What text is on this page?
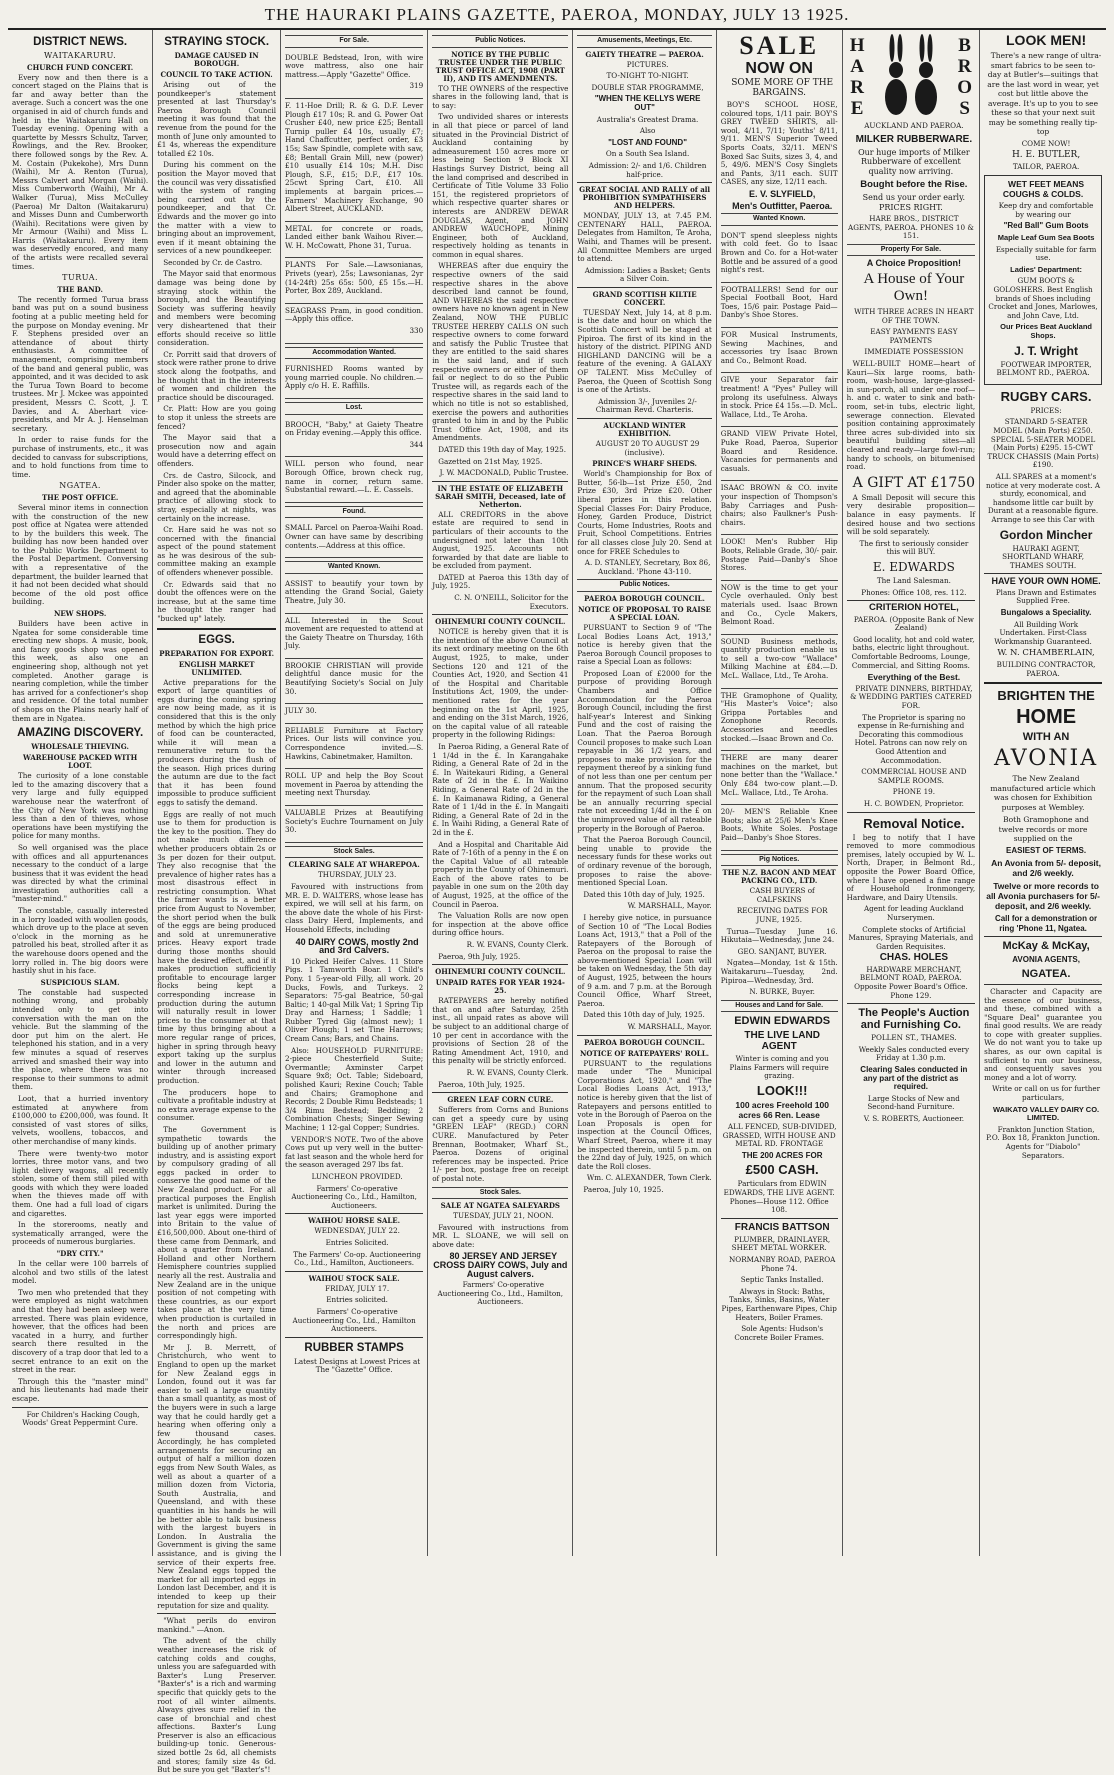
THE HAURAKI PLAINS GAZETTE, PAEROA, MONDAY, JULY 13 1925.
DISTRICT NEWS.
WAITAKARURU.
CHURCH FUND CONCERT.

Every now and then there is a concert staged on the Plains that is far and away better than the average. Such a concert was the one organised in aid of church funds and held in the Waitakaruru Hall on Tuesday evening. Opening with a quartette by Messrs Schultz, Tarver, Rowlings, and the Rev. Brooker, there followed songs by the Rev. A. M. Costain (Pukekohe), Mrs Dunn (Waihi), Mr A. Renton (Turua), Messrs Calvert and Morgan (Waihi). Miss Cumberworth (Waihi), Mr A. Walker (Turua), Miss McCulley (Paeroa) Mr Dalton (Waitakaruru) and Misses Dunn and Cumberworth (Waihi). Recitations were given by Mr Armour (Waihi) and Miss L. Harris (Waitakaruru). Every item was deservedly encored, and many of the artists were recalled several times.

TURUA.
THE BAND.

The recently formed Turua brass band was put on a sound business footing at a public meeting held for the purpose on Monday evening. Mr F. Stephens presided over an attendance of about thirty enthusiasts. A committee of management, comprising members of the band and general public, was appointed, and it was decided to ask the Turua Town Board to become trustees. Mr J. Mckee was appointed president, Messrs C. Scott, J. T. Davies, and A. Aberhart vice-presidents, and Mr A. J. Henselman secretary.

In order to raise funds for the purchase of instruments, etc., it was decided to canvass for subscriptions, and to hold functions from time to time.

NGATEA.
THE POST OFFICE.

Several minor items in connection with the construction of the new post office at Ngatea were attended to by the builders this week. The building has now been handed over to the Public Works Department to the Postal Department. Conversing with a representative of the department, the builder learned that it had not been decided what should become of the old post office building.

NEW SHOPS.

Builders have been active in Ngatea for some considerable time erecting new shops. A music, book, and fancy goods shop was opened this week, as also one an engineering shop, although not yet completed. Another garage is nearing completion, while the timber has arrived for a confectioner's shop and residence. Of the total number of shops on the Plains nearly half of them are in Ngatea.

AMAZING DISCOVERY.
WHOLESALE THIEVING.
WAREHOUSE PACKED WITH LOOT.

The curiosity of a lone constable led to the amazing discovery that a very large and fully equipped warehouse near the waterfront of the City of New York was nothing less than a den of thieves, whose operations have been mystifying the police for many months.

So well organised was the place with offices and all appurtenances necessary to the conduct of a large business that it was evident the head was directed by what the criminal investigation authorities call a "master-mind."

The constable, casually interested in a lorry loaded with woollen goods, which drove up to the place at seven o'clock in the morning as he patrolled his beat, strolled after it as the warehouse doors opened and the lorry rolled in. The big doors were hastily shut in his face.

SUSPICIOUS SLAM.

The constable had suspected nothing wrong, and probably intended only to get into conversation with the man on the vehicle. But the slamming of the door put him on the alert. He telephoned his station, and in a very few minutes a squad of reserves arrived and smashed their way into the place, where there was no response to their summons to admit them.

Loot, that a hurried inventory estimated at anywhere from £100,000 to £200,000, was found. It consisted of vast stores of silks, velvets, woollens, tobaccos, and other merchandise of many kinds.

There were twenty-two motor lorries, three motor vans, and two light delivery wagons, all recently stolen, some of them still piled with goods with which they were loaded when the thieves made off with them. One had a full load of cigars and cigarettes.

In the storerooms, neatly and systematically arranged, were the proceeds of numerous burglaries.

"DRY CITY."

In the cellar were 100 barrels of alcohol and two stills of the latest model.

Two men who pretended that they were employed as night watchmen and that they had been asleep were arrested. There was plain evidence, however, that the offices had been vacated in a hurry, and further search there resulted in the discovery of a trap door that led to a secret entrance to an exit on the street in the rear.

Through this the "master mind" and his lieutenants had made their escape.

For Children's Hacking Cough, Woods' Great Peppermint Cure.

STRAYING STOCK.
DAMAGE CAUSED IN BOROUGH.
COUNCIL TO TAKE ACTION.

Arising out of the poundkeeper's statement presented at last Thursday's Paeroa Borough Council meeting it was found that the revenue from the pound for the month of June only amounted to £1 4s, whereas the expenditure totalled £2 10s.

During his comment on the position the Mayor moved that the council was very dissatisfied with the system of ranging being carried out by the poundkeeper, and that Cr. Edwards and the mover go into the matter with a view to bringing about an improvement, even if it meant obtaining the services of a new poundkeeper.

Seconded by Cr. de Castro.

The Mayor said that enormous damage was being done by straying stock within the borough, and the Beautifying Society was suffering heavily and members were becoming very disheartened that their efforts should receive so little consideration.

Cr. Porritt said that drovers of stock were rather prone to drive stock along the footpaths, and he thought that in the interests of women and children the practice should be discouraged.

Cr. Platt: How are you going to stop it unless the streets are fenced?

The Mayor said that a prosecution now and again would have a deterring effect on offenders.

Crs. de Castro, Silcock, and Pinder also spoke on the matter, and agreed that the abominable practice of allowing stock to stray, especially at nights, was certainly on the increase.

Cr. Hare said he was not so concerned with the financial aspect of the pound statement as he was desirous of the sub-committee making an example of offenders whenever possible.

Cr. Edwards said that no doubt the offences were on the increase, but at the same time he thought the ranger had "bucked up" lately.

EGGS.
PREPARATION FOR EXPORT.
ENGLISH MARKET UNLIMITED.

Active preparations for the export of large quantities of eggs during the coming spring are now being made, as it is considered that this is the only method by which the high price of food can be counteracted, while it will mean a remunerative return to the producers during the flush of the season. High prices during the autumn are due to the fact that it has been found impossible to produce sufficient eggs to satisfy the demand.

Eggs are really of not much use to them for production is the key to the position. They do not make much difference whether producers obtain 2s or 3s per dozen for their output. They also recognise that the prevalence of higher rates has a most disastrous effect in restricting consumption. What the farmer wants is a better price from August to November, the short period when the bulk of the eggs are being produced and sold at unremunerative prices. Heavy export trade during those months should have the desired effect, and if it makes production sufficiently profitable to encourage larger flocks being kept a corresponding increase in production during the autumn will naturally result in lower prices to the consumer at that time by thus bringing about a more regular range of prices, higher in spring through heavy export taking up the surplus and lower in the autumn and winter through increased production.

The producers hope to cultivate a profitable industry at no extra average expense to the consumer.

The Government is sympathetic towards the building up of another primary industry, and is assisting export by compulsory grading of all eggs packed in order to conserve the good name of the New Zealand product. For all practical purposes the English market is unlimited. During the last year eggs were imported into Britain to the value of £16,500,000. About one-third of these came from Denmark, and about a quarter from Ireland. Holland and other Northern Hemisphere countries supplied nearly all the rest. Australia and New Zealand are in the unique position of not competing with these countries, as our export takes place at the very time when production is curtailed in the north and prices are correspondingly high.

Mr J. B. Merrett, of Christchurch, who went to England to open up the market for New Zealand eggs in London, found out it was far easier to sell a large quantity than a small quantity, as most of the buyers were in such a large way that he could hardly get a hearing when offering only a few thousand cases. Accordingly, he has completed arrangements for securing an output of half a million dozen eggs from New South Wales, as well as about a quarter of a million dozen from Victoria, South Australia, and Queensland, and with these quantities in his hands he will be better able to talk business with the largest buyers in London. In Australia the Government is giving the same assistance, and is giving the service of their experts free. New Zealand eggs topped the market for all imported eggs in London last December, and it is intended to keep up their reputation for size and quality.

"What perils do environ mankind." —Anon.

The advent of the chilly weather increases the risk of catching colds and coughs, unless you are safeguarded with Baxter's Lung Preserver. "Baxter's" is a rich and warming specific that quickly gets to the root of all winter ailments. Always gives sure relief in the case of bronchial and chest affections. Baxter's Lung Preserver is also an efficacious building-up tonic. Generous-sized bottle 2s 6d, all chemists and stores; family size 4s 6d. But be sure you get "Baxter's"!

For Sale.

DOUBLE Bedstead, Iron, with wire wove mattress, also one hair mattress.—Apply "Gazette" Office.

319

F. 11-Hoe Drill; R. & G. D.F. Lever Plough £17 10s; R. and G. Power Oat Crusher £40, new price £25; Bentall Turnip puller £4 10s, usually £7; Hand Chaffcutter, perfect order, £3 15s; Saw Spindle, complete with saw, £8; Bentall Grain Mill, new (power) £10 usually £14 10s; M.H. Disc Plough, S.F., £15; D.F., £17 10s. 25cwt Spring Cart, £10. All implements at bargain prices.—Farmers' Machinery Exchange, 90 Albert Street, AUCKLAND.

METAL for concrete or roads, Landed either bank Waihou River.—W. H. McCowatt, Phone 31, Turua.

PLANTS For Sale.—Lawsonianas, Privets (year), 25s; Lawsonianas, 2yr (14-24ft) 25s 65s: 500, £5 15s.—H. Porter, Box 289, Auckland.

SEAGRASS Pram, in good condition.—Apply this office.

330

Accommodation Wanted.

FURNISHED Rooms wanted by young married couple. No children.—Apply c/o H. E. Raffills.

Lost.

BROOCH, "Baby," at Gaiety Theatre on Friday evening.—Apply this office.

344

WILL person who found, near Borough Office, brown check rug, name in corner, return same. Substantial reward.—L. E. Cassels.

Found.

SMALL Parcel on Paeroa-Waihi Road. Owner can have same by describing contents.—Address at this office.

Wanted Known.

ASSIST to beautify your town by attending the Grand Social, Gaiety Theatre, July 30.

ALL Interested in the Scout movement are requested to attend at the Gaiety Theatre on Thursday, 16th July.

BROOKIE CHRISTIAN will provide delightful dance music for the Beautifying Society's Social on July 30.

JULY 30.

RELIABLE Furniture at Factory Prices. Our lists will convince you. Correspondence invited.—S. Hawkins, Cabinetmaker, Hamilton.

ROLL UP and help the Boy Scout movement in Paeroa by attending the meeting next Thursday.

VALUABLE Prizes at Beautifying Society's Euchre Tournament on July 30.

Stock Sales.
CLEARING SALE AT WHAREPOA.

THURSDAY, JULY 23.

Favoured with instructions from MR. E. D. WALTERS, whose lease has expired, we will sell at his farm, on the above date the whole of his First-class Dairy Herd, Implements, and Household Effects, including

40 DAIRY COWS, mostly 2nd and 3rd Calvers.

10 Picked Heifer Calves. 11 Store Pigs. 1 Tamworth Boar. 1 Child's Pony. 1 5-year-old Filly, all work. 20 Ducks, Fowls, and Turkeys. 2 Separators: 75-gal Beatrice, 50-gal Baltic; 1 40-gal Milk Vat; 1 Spring Tip Dray and Harness; 1 Saddle; 1 Rubber Tyred Gig (almost new); 1 Oliver Plough; 1 set Tine Harrows; Cream Cans; Bars, and Chains.

Also: HOUSEHOLD FURNITURE: 2-piece Chesterfield Suite; Overmantle; Axminster Carpet Square 9x8; Oct. Table; Sideboard, polished Kauri; Rexine Couch; Table and Chairs; Gramophone and Records; 2 Double Rimu Bedsteads; 1 3/4 Rimu Bedstead; Bedding; 2 Combination Chests; Singer Sewing Machine; 1 12-gal Copper; Sundries.

VENDOR'S NOTE. Two of the above Cows put up very well in the butter-fat last season and the whole herd for the season averaged 297 lbs fat.

LUNCHEON PROVIDED.

Farmers' Co-operative Auctioneering Co., Ltd., Hamilton, Auctioneers.

WAIHOU HORSE SALE.

WEDNESDAY, JULY 22.

Entries Solicited.

The Farmers' Co-op. Auctioneering Co., Ltd., Hamilton, Auctioneers.

WAIHOU STOCK SALE.

FRIDAY, JULY 17.

Entries solicited.

Farmers' Co-operative Auctioneering Co., Ltd., Hamilton Auctioneers.

RUBBER STAMPS

Latest Designs at Lowest Prices at The "Gazette" Office.

Public Notices.
NOTICE BY THE PUBLIC TRUSTEE UNDER THE PUBLIC TRUST OFFICE ACT, 1908 (PART II), AND ITS AMENDMENTS.

TO THE OWNERS of the respective shares in the following land, that is to say:

Two undivided shares or interests in all that piece or parcel of land situated in the Provincial District of Auckland containing by admeasurement 150 acres more or less being Section 9 Block XI Hastings Survey District, being all the land comprised and described in Certificate of Title Volume 33 Folio 151, the registered proprietors of which respective quarter shares or interests are ANDREW DEWAR DOUGLAS, Agent, and JOHN ANDREW WAUCHOPE, Mining Engineer, both of Auckland, respectively holding as tenants in common in equal shares.

WHEREAS after due enquiry the respective owners of the said respective shares in the above described land cannot be found, AND WHEREAS the said respective owners have no known agent in New Zealand, NOW THE PUBLIC TRUSTEE HEREBY CALLS ON such respective owners to come forward and satisfy the Public Trustee that they are entitled to the said shares in the said land, and if such respective owners or either of them fail or neglect to do so the Public Trustee will, as regards each of the respective shares in the said land to which no title is not so established, exercise the powers and authorities granted to him in and by the Public Trust Office Act, 1908, and its Amendments.

DATED this 19th day of May, 1925.

Gazetted on 21st May, 1925.

J. W. MACDONALD, Public Trustee.

IN THE ESTATE OF ELIZABETH SARAH SMITH, Deceased, late of Netherton.

ALL CREDITORS in the above estate are required to send in particulars of their accounts to the undersigned not later than 10th August, 1925. Accounts not forwarded by that date are liable to be excluded from payment.

DATED at Paeroa this 13th day of July, 1925.

C. N. O'NEILL, Solicitor for the Executors.

OHINEMURI COUNTY COUNCIL.

NOTICE is hereby given that it is the intention of the above Council at its next ordinary meeting on the 6th August, 1925, to make, under Sections 120 and 121 of the Counties Act, 1920, and Section 41 of the Hospital and Charitable Institutions Act, 1909, the under-mentioned rates for the year beginning on the 1st April, 1925, and ending on the 31st March, 1926, on the capital value of all rateable property in the following Ridings:

In Paeroa Riding, a General Rate of 1 1/4d in the £. In Karangahake Riding, a General Rate of 2d in the £. In Waitekauri Riding, a General Rate of 2d in the £. In Waikino Riding, a General Rate of 2d in the £. In Kaimanawa Riding, a General Rate of 1 1/4d in the £. In Mangaiti Riding, a General Rate of 2d in the £. In Waihi Riding, a General Rate of 2d in the £.

And a Hospital and Charitable Aid Rate of 7-16th of a penny in the £ on the Capital Value of all rateable property in the County of Ohinemuri. Each of the above rates to be payable in one sum on the 20th day of August, 1925, at the office of the Council in Paeroa.

The Valuation Rolls are now open for inspection at the above office during office hours.

R. W. EVANS, County Clerk.

Paeroa, 9th July, 1925.

OHINEMURI COUNTY COUNCIL.
UNPAID RATES FOR YEAR 1924-25.

RATEPAYERS are hereby notified that on and after Saturday, 25th inst., all unpaid rates as above will be subject to an additional charge of 10 per cent in accordance with the provisions of Section 28 of the Rating Amendment Act, 1910, and this penalty will be strictly enforced.

R. W. EVANS, County Clerk.

Paeroa, 10th July, 1925.

GREEN LEAF CORN CURE.

Sufferers from Corns and Bunions can get a speedy cure by using "GREEN LEAF" (REGD.) CORN CURE. Manufactured by Peter Brennan, Bootmaker, Wharf St., Paeroa. Dozens of original references may be inspected. Price 1/- per box, postage free on receipt of postal note.

Stock Sales.
SALE AT NGATEA SALEYARDS

TUESDAY, JULY 21, NOON.

Favoured with instructions from MR. L. SLOANE, we will sell on above date:

80 JERSEY AND JERSEY CROSS DAIRY COWS, July and August calvers.

Farmers' Co-operative Auctioneering Co., Ltd., Hamilton, Auctioneers.

Amusements, Meetings, Etc.
GAIETY THEATRE — PAEROA.

PICTURES.

TO-NIGHT TO-NIGHT.

DOUBLE STAR PROGRAMME,

"WHEN THE KELLYS WERE OUT"

Australia's Greatest Drama.

Also

"LOST AND FOUND"

On a South Sea Island.

Admission: 2/- and 1/6. Children half-price.

GREAT SOCIAL AND RALLY of all PROHIBITION SYMPATHISERS AND HELPERS.

MONDAY, JULY 13, at 7.45 P.M. CENTENARY HALL, PAEROA. Delegates from Hamilton, Te Aroha, Waihi, and Thames will be present. All Committee Members are urged to attend.

Admission: Ladies a Basket; Gents a Silver Coin.

GRAND SCOTTISH KILTIE CONCERT.

TUESDAY Next, July 14, at 8 p.m. is the date and hour on which the Scottish Concert will be staged at Pipiroa. The first of its kind in the history of the district. PIPING AND HIGHLAND DANCING will be a feature of the evening. A GALAXY OF TALENT. Miss McCulley of Paeroa, the Queen of Scottish Song is one of the Artists.

Admission 3/-, Juveniles 2/- Chairman Revd. Charteris.

AUCKLAND WINTER EXHIBITION.

AUGUST 20 TO AUGUST 29 (inclusive).

PRINCE'S WHARF SHEDS.

World's Championship for Box of Butter, 56-lb—1st Prize £50, 2nd Prize £30, 3rd Prize £20. Other liberal prizes in this relation. Special Classes For: Dairy Produce, Honey, Garden Produce, District Courts, Home Industries, Roots and Fruit, School Competitions. Entries for all classes close July 20. Send at once for FREE Schedules to

A. D. STANLEY, Secretary, Box 86, Auckland. 'Phone 43-110.

Public Notices.
PAEROA BOROUGH COUNCIL.
NOTICE OF PROPOSAL TO RAISE A SPECIAL LOAN.

PURSUANT to Section 9 of "The Local Bodies Loans Act, 1913," notice is hereby given that the Paeroa Borough Council proposes to raise a Special Loan as follows:

Proposed Loan of £2000 for the purpose of providing Borough Chambers and Office Accommodation for the Paeroa Borough Council, including the first half-year's Interest and Sinking Fund and the cost of raising the Loan. That the Paeroa Borough Council proposes to make such Loan repayable in 36 1/2 years, and proposes to make provision for the repayment thereof by a sinking fund of not less than one per centum per annum. That the proposed security for the repayment of such Loan shall be an annually recurring special rate not exceeding 1/4d in the £ on the unimproved value of all rateable property in the Borough of Paeroa.

That the Paeroa Borough Council, being unable to provide the necessary funds for these works out of ordinary revenue of the borough, proposes to raise the above-mentioned Special Loan.

Dated this 10th day of July, 1925.

W. MARSHALL, Mayor.

I hereby give notice, in pursuance of Section 10 of "The Local Bodies Loans Act, 1913," that a Poll of the Ratepayers of the Borough of Paeroa on the proposal to raise the above-mentioned Special Loan will be taken on Wednesday, the 5th day of August, 1925, between the hours of 9 a.m. and 7 p.m. at the Borough Council Office, Wharf Street, Paeroa.

Dated this 10th day of July, 1925.

W. MARSHALL, Mayor.

PAEROA BOROUGH COUNCIL.
NOTICE OF RATEPAYERS' ROLL.

PURSUANT to the regulations made under "The Municipal Corporations Act, 1920," and "The Local Bodies Loans Act, 1913," notice is hereby given that the list of Ratepayers and persons entitled to vote in the Borough of Paeroa on the Loan Proposals is open for inspection at the Council Offices, Wharf Street, Paeroa, where it may be inspected therein, until 5 p.m. on the 22nd day of July, 1925, on which date the Roll closes.

Wm. C. ALEXANDER, Town Clerk.

Paeroa, July 10, 1925.

SALE
NOW ON

SOME MORE OF THE BARGAINS.

BOY'S SCHOOL HOSE, coloured tops, 1/11 pair. BOY'S GREY TWEED SHIRTS, all-wool, 4/11, 7/11; Youths' 8/11, 9/11. MEN'S Superior Tweed Sports Coats, 32/11. MEN'S Boxed Sac Suits, sizes 3, 4, and 5, 49/6. MEN'S Cosy Singlets and Pants, 3/11 each. SUIT CASES, any size, 12/11 each.

E. V. SLYFIELD,

Men's Outfitter, Paeroa.

Wanted Known.

DON'T spend sleepless nights with cold feet. Go to Isaac Brown and Co. for a Hot-water Bottle and be assured of a good night's rest.

FOOTBALLERS! Send for our Special Football Boot, Hard Toes, 15/6 pair. Postage Paid—Danby's Shoe Stores.

FOR Musical Instruments, Sewing Machines, and accessories try Isaac Brown and Co., Belmont Road.

GIVE your Separator fair treatment! A "Pyes" Pulley will prolong its usefulness. Always in stock. Price £4 15s.—D. McL. Wallace, Ltd., Te Aroha.

GRAND VIEW Private Hotel, Puke Road, Paeroa, Superior Board and Residence. Vacancies for permanents and casuals.

ISAAC BROWN & CO. invite your inspection of Thompson's Baby Carriages and Push-chairs; also Faulkner's Push-chairs.

LOOK! Men's Rubber Hip Boots, Reliable Grade, 30/- pair. Postage Paid—Danby's Shoe Stores.

NOW is the time to get your Cycle overhauled. Only best materials used. Isaac Brown and Co., Cycle Makers, Belmont Road.

SOUND Business methods, quantity production enable us to sell a two-cow "Wallace" Milking Machine at £84.—D. McL. Wallace, Ltd., Te Aroha.

THE Gramophone of Quality, "His Master's Voice"; also Grippa Portables and Zonophone Records. Accessories and needles stocked.—Isaac Brown and Co.

THERE are many dearer machines on the market, but none better than the "Wallace." Only £84 two-cow plant.—D. McL. Wallace, Ltd., Te Aroha.

20/- MEN'S Reliable Knee Boots; also at 25/6 Men's Knee Boots, White Soles. Postage Paid—Danby's Shoe Stores.

Pig Notices.
THE N.Z. BACON AND MEAT PACKING CO., LTD.

CASH BUYERS of CALFSKINS

RECEIVING DATES FOR JUNE, 1925.

Turua—Tuesday June 16. Hikutaia—Wednesday, June 24.

GEO. SANJANT, BUYER.

Ngatea—Monday, 1st & 15th. Waitakaruru—Tuesday, 2nd. Pipiroa—Wednesday, 3rd.

N. BURKE, Buyer.

Houses and Land for Sale.

EDWIN EDWARDS

THE LIVE LAND AGENT

Winter is coming and you Plains Farmers will require grazing.

LOOK!!!

100 acres Freehold 100 acres 66 Ren. Lease

ALL FENCED, SUB-DIVIDED, GRASSED, WITH HOUSE AND METAL RD. FRONTAGE

THE 200 ACRES FOR

£500 CASH.

Particulars from EDWIN EDWARDS, THE LIVE AGENT. Phones—House 112. Office 108.

FRANCIS BATTSON

PLUMBER, DRAINLAYER, SHEET METAL WORKER.

NORMANBY ROAD, PAEROA Phone 74.

Septic Tanks Installed.

Always in Stock: Baths, Tanks, Sinks, Basins, Water Pipes, Earthenware Pipes, Chip Heaters, Boiler Frames.

Sole Agents: Hudson's Concrete Boiler Frames.

HARE	BROS

AUCKLAND AND PAEROA.

MILKER RUBBERWARE.

Our huge imports of Milker Rubberware of excellent quality now arriving.

Bought before the Rise.

Send us your order early. PRICES RIGHT.

HARE BROS., DISTRICT AGENTS, PAEROA. PHONES 10 & 151.

Property For Sale.

A Choice Proposition!

A House of Your Own!

WITH THREE ACRES IN HEART OF THE TOWN.

EASY PAYMENTS EASY PAYMENTS

IMMEDIATE POSSESSION

WELL-BUILT HOME—heart of Kauri—Six large rooms, bath-room, wash-house, large-glassed-in sun-porch, all under one roof—h. and c. water to sink and bath-room, set-in tubs, electric light, sewerage connection. Elevated position containing approximately three acres sub-divided into six beautiful building sites—all cleared and ready—large fowl-run; handy to schools, on bitumenised road.

A GIFT AT £1750

A Small Deposit will secure this very desirable proposition—balance in easy payments. If desired house and two sections will be sold separately.

The first to seriously consider this will BUY.

E. EDWARDS

The Land Salesman.

Phones: Office 108, res. 112.

CRITERION HOTEL,

PAEROA. (Opposite Bank of New Zealand)

Good locality, hot and cold water, baths, electric light throughout. Comfortable Bedrooms, Lounge, Commercial, and Sitting Rooms.

Everything of the Best.

PRIVATE DINNERS, BIRTHDAY, & WEDDING PARTIES CATERED FOR.

The Proprietor is sparing no expense in Re-furnishing and Decorating this commodious Hotel. Patrons can now rely on Good Attention and Accommodation.

COMMERCIAL HOUSE AND SAMPLE ROOMS.

PHONE 19.

H. C. BOWDEN, Proprietor.

Removal Notice.

I beg to notify that I have removed to more commodious premises, lately occupied by W. L. North, Draper, in Belmont Rd., opposite the Power Board Office, where I have opened a fine range of Household Ironmongery, Hardware, and Dairy Utensils.

Agent for leading Auckland Nurserymen.

Complete stocks of Artificial Manures, Spraying Materials, and Garden Requisites.

CHAS. HOLES

HARDWARE MERCHANT, BELMONT ROAD, PAEROA. Opposite Power Board's Office. Phone 129.

The People's Auction and Furnishing Co.

POLLEN ST., THAMES.

Weekly Sales conducted every Friday at 1.30 p.m.

Clearing Sales conducted in any part of the district as required.

Large Stocks of New and Second-hand Furniture.

V. S. ROBERTS, Auctioneer.

LOOK MEN!

There's a new range of ultra-smart fabrics to be seen to-day at Butler's—suitings that are the last word in wear, yet cost but little above the average. It's up to you to see these so that your next suit may be something really tip-top

COME NOW!

H. E. BUTLER,

TAILOR, PAEROA.

WET FEET MEANS COUGHS & COLDS.

Keep dry and comfortable by wearing our

"Red Ball" Gum Boots

Maple Leaf Gum Sea Boots

Especially suitable for farm use.

Ladies' Department:

GUM BOOTS & GOLOSHERS. Best English brands of Shoes including Crocket and Jones, Marlowes, and John Cave, Ltd.

Our Prices Beat Auckland Shops.

J. T. Wright

FOOTWEAR IMPORTER, BELMONT RD., PAEROA.

RUGBY CARS.

PRICES:

STANDARD 5-SEATER MODEL (Main Ports) £250. SPECIAL 5-SEATER MODEL (Main Ports) £295. 15-CWT TRUCK CHASSIS (Main Ports) £190.

ALL SPARES at a moment's notice at very moderate cost. A sturdy, economical, and handsome little car built by Durant at a reasonable figure. Arrange to see this Car with

Gordon Mincher

HAURAKI AGENT, SHORTLAND WHARF, THAMES SOUTH.

HAVE YOUR OWN HOME.

Plans Drawn and Estimates Supplied Free.

Bungalows a Speciality.

All Building Work Undertaken. First-Class Workmanship Guaranteed.

W. N. CHAMBERLAIN,

BUILDING CONTRACTOR, PAEROA.

BRIGHTEN THE

HOME

WITH AN

AVONIA

The New Zealand manufactured article which was chosen for Exhibition purposes at Wembley.

Both Gramophone and twelve records or more supplied on the

EASIEST OF TERMS.

An Avonia from 5/- deposit, and 2/6 weekly.

Twelve or more records to all Avonia purchasers for 5/- deposit, and 2/6 weekly.

Call for a demonstration or ring 'Phone 11, Ngatea.

McKay & McKay,

AVONIA AGENTS,

NGATEA.

Character and Capacity are the essence of our business, and these, combined with a "Square Deal" guarantee you final good results. We are ready to cope with greater supplies. We do not want you to take up shares, as our own capital is sufficient to run our business, and consequently saves you money and a lot of worry.

Write or call on us for further particulars,

WAIKATO VALLEY DAIRY CO. LIMITED.

Frankton Junction Station, P.O. Box 18, Frankton Junction. Agents for "Diabolo" Separators.
